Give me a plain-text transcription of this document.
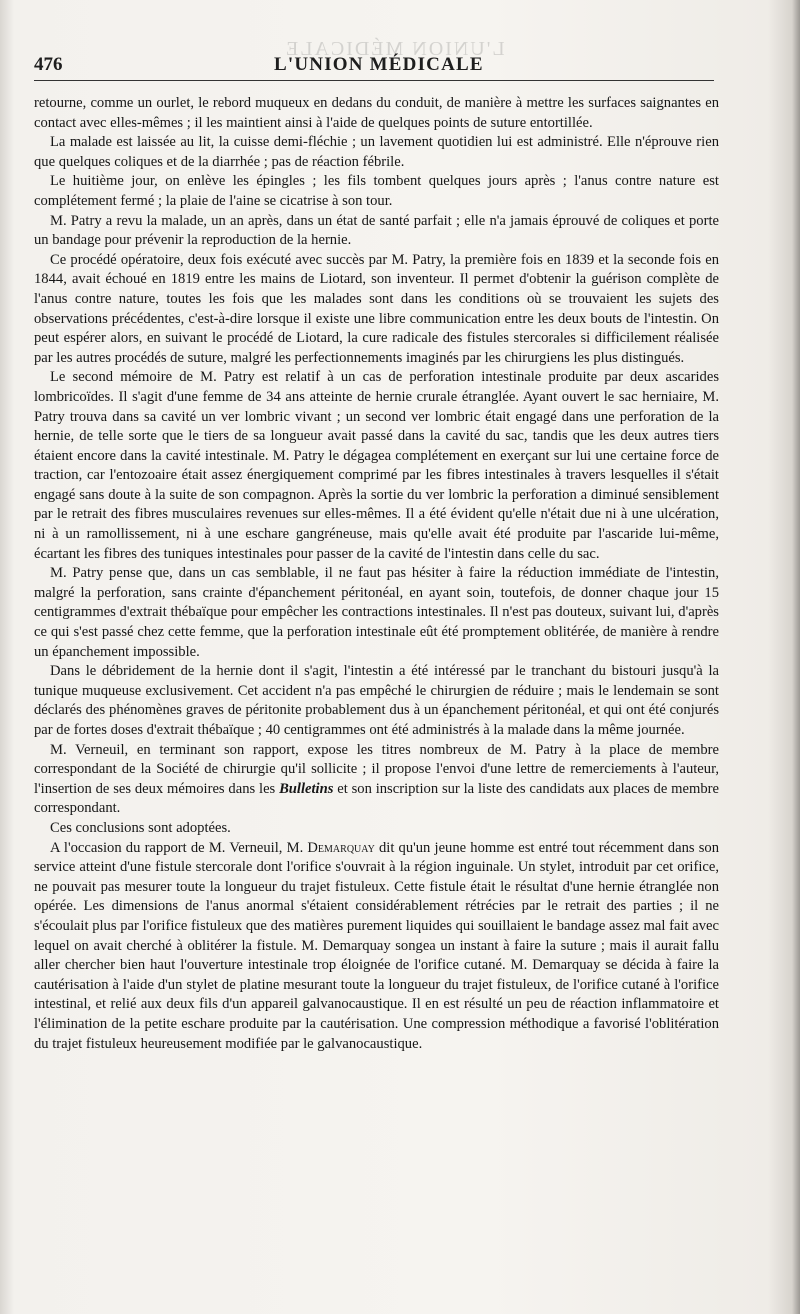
L'UNION MÉDICALE
476	L'UNION MÉDICALE

retourne, comme un ourlet, le rebord muqueux en dedans du conduit, de manière à mettre les surfaces saignantes en contact avec elles-mêmes ; il les maintient ainsi à l'aide de quelques points de suture entortillée.

La malade est laissée au lit, la cuisse demi-fléchie ; un lavement quotidien lui est administré. Elle n'éprouve rien que quelques coliques et de la diarrhée ; pas de réaction fébrile.

Le huitième jour, on enlève les épingles ; les fils tombent quelques jours après ; l'anus contre nature est complétement fermé ; la plaie de l'aine se cicatrise à son tour.

M. Patry a revu la malade, un an après, dans un état de santé parfait ; elle n'a jamais éprouvé de coliques et porte un bandage pour prévenir la reproduction de la hernie.

Ce procédé opératoire, deux fois exécuté avec succès par M. Patry, la première fois en 1839 et la seconde fois en 1844, avait échoué en 1819 entre les mains de Liotard, son inventeur. Il permet d'obtenir la guérison complète de l'anus contre nature, toutes les fois que les malades sont dans les conditions où se trouvaient les sujets des observations précédentes, c'est-à-dire lorsque il existe une libre communication entre les deux bouts de l'intestin. On peut espérer alors, en suivant le procédé de Liotard, la cure radicale des fistules stercorales si difficilement réalisée par les autres procédés de suture, malgré les perfectionnements imaginés par les chirurgiens les plus distingués.

Le second mémoire de M. Patry est relatif à un cas de perforation intestinale produite par deux ascarides lombricoïdes. Il s'agit d'une femme de 34 ans atteinte de hernie crurale étranglée. Ayant ouvert le sac herniaire, M. Patry trouva dans sa cavité un ver lombric vivant ; un second ver lombric était engagé dans une perforation de la hernie, de telle sorte que le tiers de sa longueur avait passé dans la cavité du sac, tandis que les deux autres tiers étaient encore dans la cavité intestinale. M. Patry le dégagea complétement en exerçant sur lui une certaine force de traction, car l'entozoaire était assez énergiquement comprimé par les fibres intestinales à travers lesquelles il s'était engagé sans doute à la suite de son compagnon. Après la sortie du ver lombric la perforation a diminué sensiblement par le retrait des fibres musculaires revenues sur elles-mêmes. Il a été évident qu'elle n'était due ni à une ulcération, ni à un ramollissement, ni à une eschare gangréneuse, mais qu'elle avait été produite par l'ascaride lui-même, écartant les fibres des tuniques intestinales pour passer de la cavité de l'intestin dans celle du sac.

M. Patry pense que, dans un cas semblable, il ne faut pas hésiter à faire la réduction immédiate de l'intestin, malgré la perforation, sans crainte d'épanchement péritonéal, en ayant soin, toutefois, de donner chaque jour 15 centigrammes d'extrait thébaïque pour empêcher les contractions intestinales. Il n'est pas douteux, suivant lui, d'après ce qui s'est passé chez cette femme, que la perforation intestinale eût été promptement oblitérée, de manière à rendre un épanchement impossible.

Dans le débridement de la hernie dont il s'agit, l'intestin a été intéressé par le tranchant du bistouri jusqu'à la tunique muqueuse exclusivement. Cet accident n'a pas empêché le chirurgien de réduire ; mais le lendemain se sont déclarés des phénomènes graves de péritonite probablement dus à un épanchement péritonéal, et qui ont été conjurés par de fortes doses d'extrait thébaïque ; 40 centigrammes ont été administrés à la malade dans la même journée.

M. Verneuil, en terminant son rapport, expose les titres nombreux de M. Patry à la place de membre correspondant de la Société de chirurgie qu'il sollicite ; il propose l'envoi d'une lettre de remerciements à l'auteur, l'insertion de ses deux mémoires dans les Bulletins et son inscription sur la liste des candidats aux places de membre correspondant.

Ces conclusions sont adoptées.

A l'occasion du rapport de M. Verneuil, M. Demarquay dit qu'un jeune homme est entré tout récemment dans son service atteint d'une fistule stercorale dont l'orifice s'ouvrait à la région inguinale. Un stylet, introduit par cet orifice, ne pouvait pas mesurer toute la longueur du trajet fistuleux. Cette fistule était le résultat d'une hernie étranglée non opérée. Les dimensions de l'anus anormal s'étaient considérablement rétrécies par le retrait des parties ; il ne s'écoulait plus par l'orifice fistuleux que des matières purement liquides qui souillaient le bandage assez mal fait avec lequel on avait cherché à oblitérer la fistule. M. Demarquay songea un instant à faire la suture ; mais il aurait fallu aller chercher bien haut l'ouverture intestinale trop éloignée de l'orifice cutané. M. Demarquay se décida à faire la cautérisation à l'aide d'un stylet de platine mesurant toute la longueur du trajet fistuleux, de l'orifice cutané à l'orifice intestinal, et relié aux deux fils d'un appareil galvanocaustique. Il en est résulté un peu de réaction inflammatoire et l'élimination de la petite eschare produite par la cautérisation. Une compression méthodique a favorisé l'oblitération du trajet fistuleux heureusement modifiée par le galvanocaustique.
